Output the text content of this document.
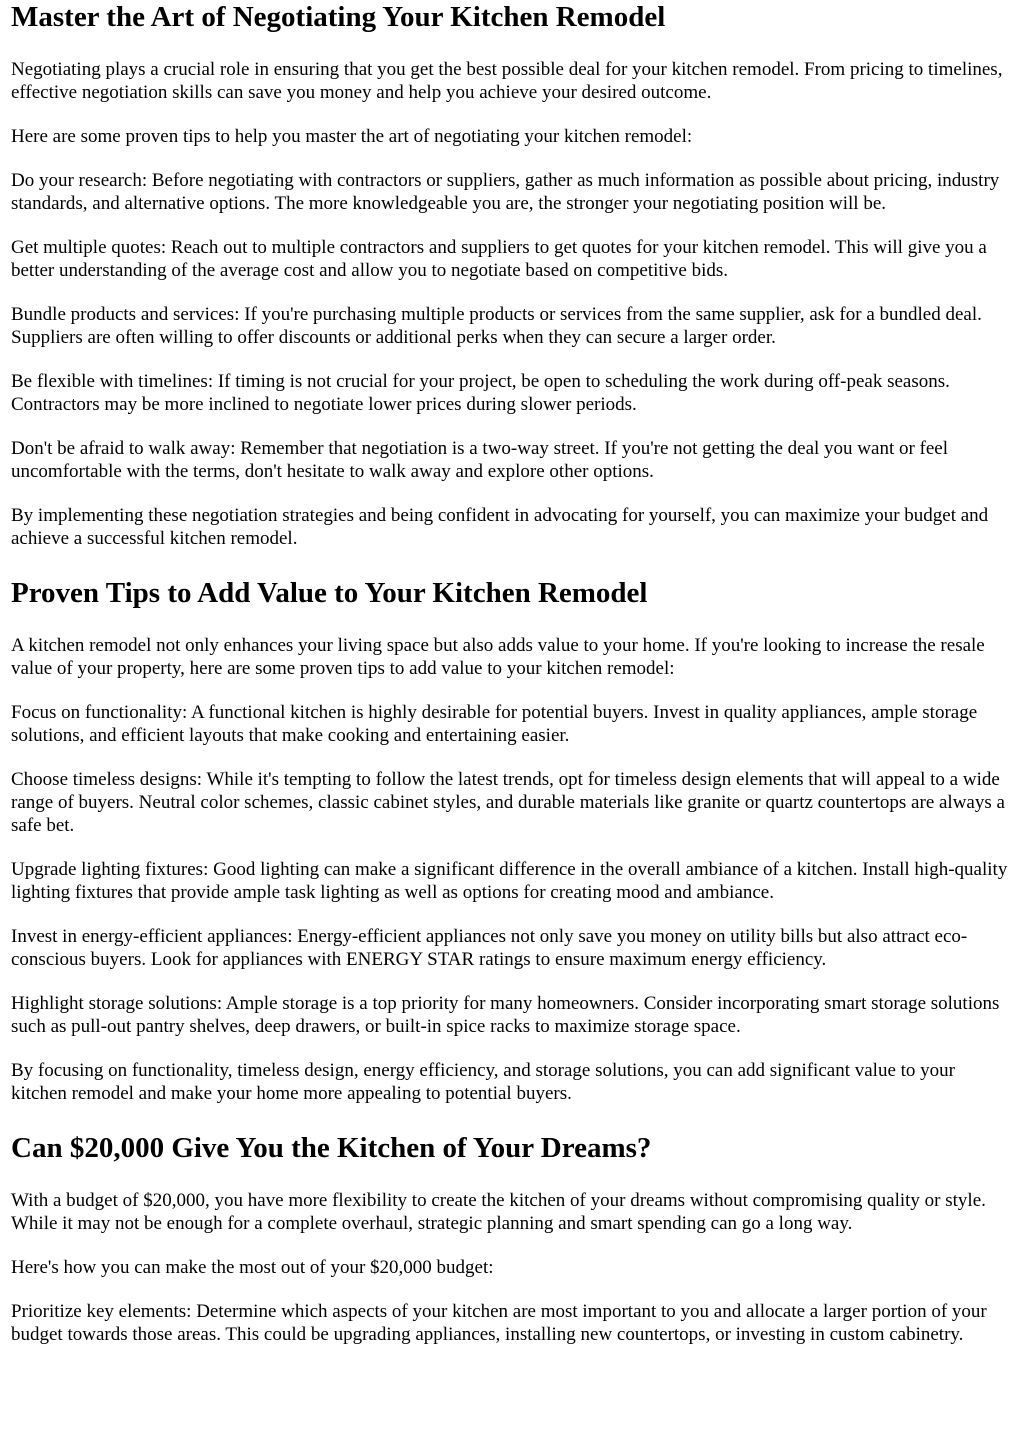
Master the Art of Negotiating Your Kitchen Remodel

Negotiating plays a crucial role in ensuring that you get the best possible deal for your kitchen remodel. From pricing to timelines, effective negotiation skills can save you money and help you achieve your desired outcome.

Here are some proven tips to help you master the art of negotiating your kitchen remodel:

Do your research: Before negotiating with contractors or suppliers, gather as much information as possible about pricing, industry standards, and alternative options. The more knowledgeable you are, the stronger your negotiating position will be.

Get multiple quotes: Reach out to multiple contractors and suppliers to get quotes for your kitchen remodel. This will give you a better understanding of the average cost and allow you to negotiate based on competitive bids.

Bundle products and services: If you're purchasing multiple products or services from the same supplier, ask for a bundled deal. Suppliers are often willing to offer discounts or additional perks when they can secure a larger order.

Be flexible with timelines: If timing is not crucial for your project, be open to scheduling the work during off-peak seasons. Contractors may be more inclined to negotiate lower prices during slower periods.

Don't be afraid to walk away: Remember that negotiation is a two-way street. If you're not getting the deal you want or feel uncomfortable with the terms, don't hesitate to walk away and explore other options.

By implementing these negotiation strategies and being confident in advocating for yourself, you can maximize your budget and achieve a successful kitchen remodel.

Proven Tips to Add Value to Your Kitchen Remodel

A kitchen remodel not only enhances your living space but also adds value to your home. If you're looking to increase the resale value of your property, here are some proven tips to add value to your kitchen remodel:

Focus on functionality: A functional kitchen is highly desirable for potential buyers. Invest in quality appliances, ample storage solutions, and efficient layouts that make cooking and entertaining easier.

Choose timeless designs: While it's tempting to follow the latest trends, opt for timeless design elements that will appeal to a wide range of buyers. Neutral color schemes, classic cabinet styles, and durable materials like granite or quartz countertops are always a safe bet.

Upgrade lighting fixtures: Good lighting can make a significant difference in the overall ambiance of a kitchen. Install high-quality lighting fixtures that provide ample task lighting as well as options for creating mood and ambiance.

Invest in energy-efficient appliances: Energy-efficient appliances not only save you money on utility bills but also attract eco-conscious buyers. Look for appliances with ENERGY STAR ratings to ensure maximum energy efficiency.

Highlight storage solutions: Ample storage is a top priority for many homeowners. Consider incorporating smart storage solutions such as pull-out pantry shelves, deep drawers, or built-in spice racks to maximize storage space.

By focusing on functionality, timeless design, energy efficiency, and storage solutions, you can add significant value to your kitchen remodel and make your home more appealing to potential buyers.

Can $20,000 Give You the Kitchen of Your Dreams?

With a budget of $20,000, you have more flexibility to create the kitchen of your dreams without compromising quality or style. While it may not be enough for a complete overhaul, strategic planning and smart spending can go a long way.

Here's how you can make the most out of your $20,000 budget:

Prioritize key elements: Determine which aspects of your kitchen are most important to you and allocate a larger portion of your budget towards those areas. This could be upgrading appliances, installing new countertops, or investing in custom cabinetry.
